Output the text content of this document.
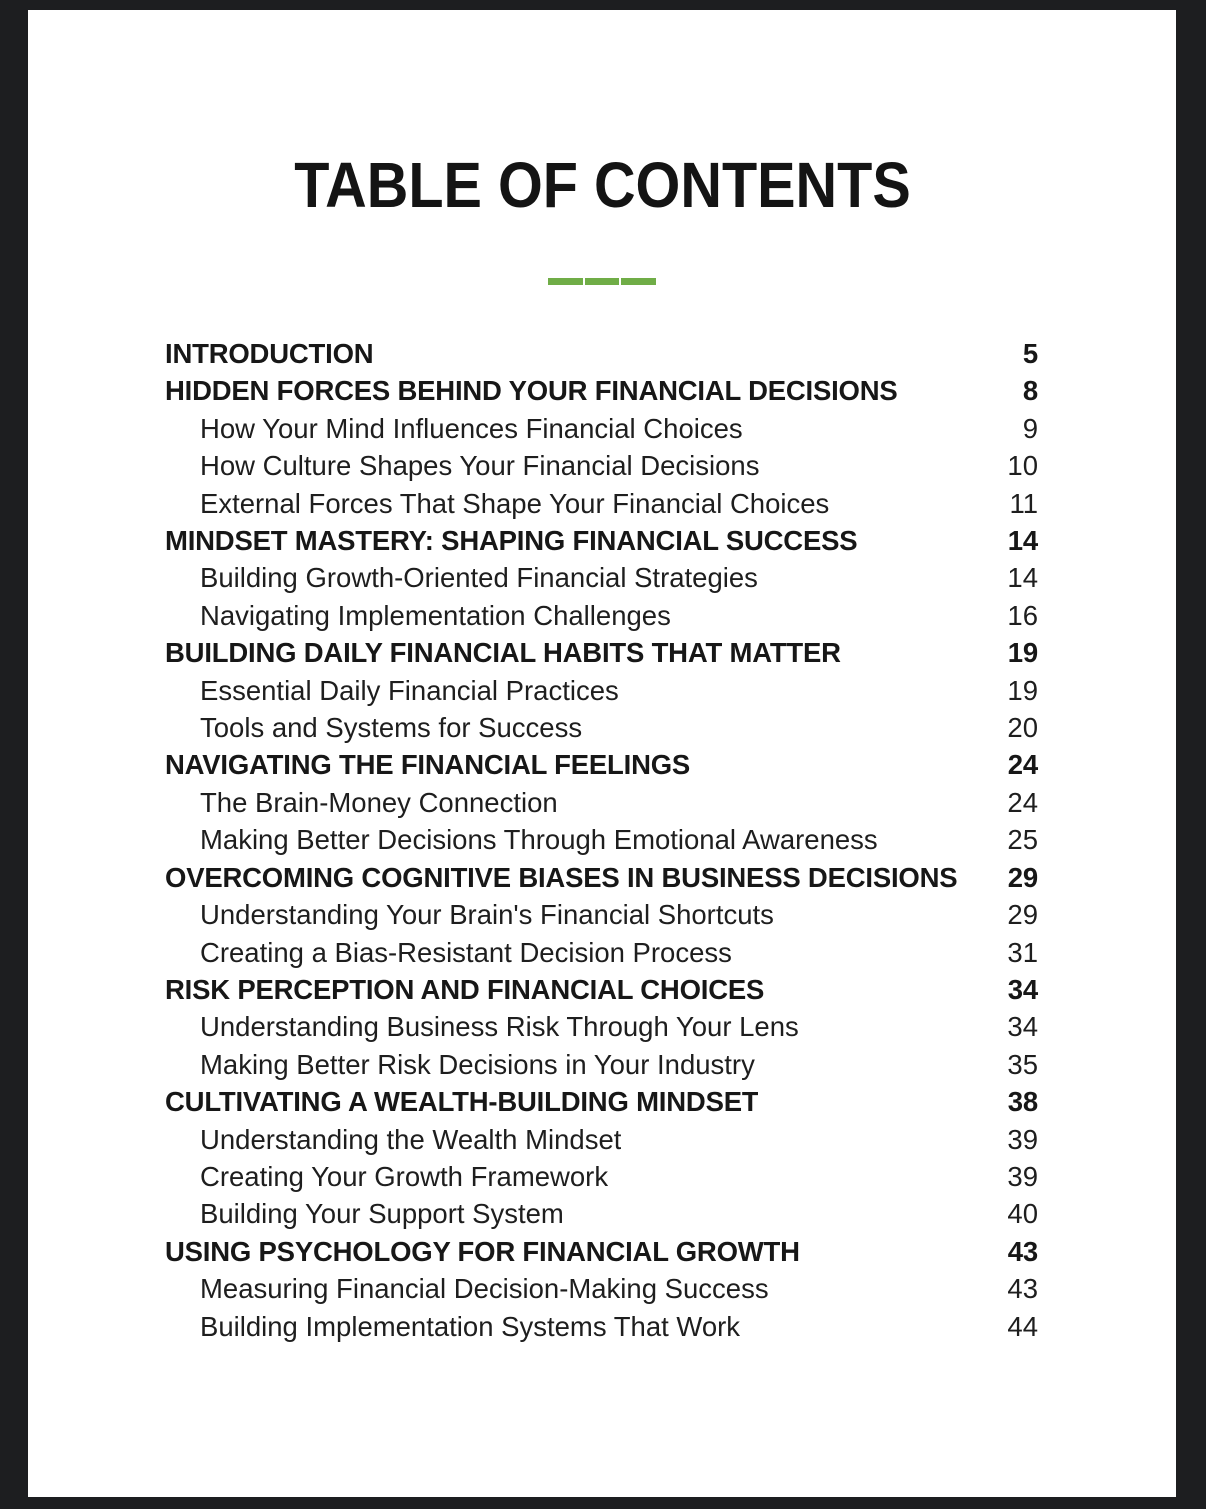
TABLE OF CONTENTS
INTRODUCTION	5
HIDDEN FORCES BEHIND YOUR FINANCIAL DECISIONS	8
How Your Mind Influences Financial Choices	9
How Culture Shapes Your Financial Decisions	10
External Forces That Shape Your Financial Choices	11
MINDSET MASTERY: SHAPING FINANCIAL SUCCESS	14
Building Growth-Oriented Financial Strategies	14
Navigating Implementation Challenges	16
BUILDING DAILY FINANCIAL HABITS THAT MATTER	19
Essential Daily Financial Practices	19
Tools and Systems for Success	20
NAVIGATING THE FINANCIAL FEELINGS	24
The Brain-Money Connection	24
Making Better Decisions Through Emotional Awareness	25
OVERCOMING COGNITIVE BIASES IN BUSINESS DECISIONS	29
Understanding Your Brain's Financial Shortcuts	29
Creating a Bias-Resistant Decision Process	31
RISK PERCEPTION AND FINANCIAL CHOICES	34
Understanding Business Risk Through Your Lens	34
Making Better Risk Decisions in Your Industry	35
CULTIVATING A WEALTH-BUILDING MINDSET	38
Understanding the Wealth Mindset	39
Creating Your Growth Framework	39
Building Your Support System	40
USING PSYCHOLOGY FOR FINANCIAL GROWTH	43
Measuring Financial Decision-Making Success	43
Building Implementation Systems That Work	44
